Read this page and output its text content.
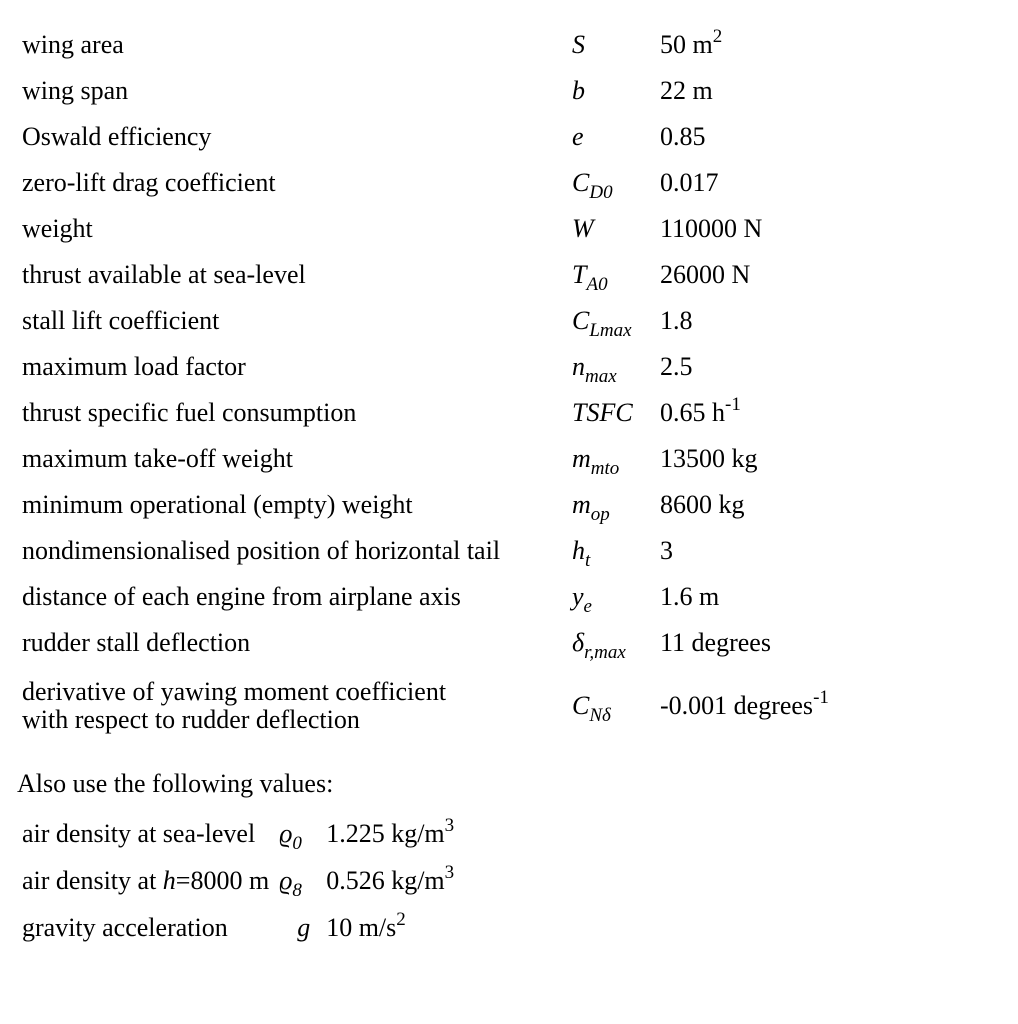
wing area	S	50 $m^2$
wing span	b	22 m
Oswald efficiency	e	0.85
zero-lift drag coefficient	$C_{D0}$	0.017
weight	W	110000 N
thrust available at sea-level	$T_{A0}$	26000 N
stall lift coefficient	$C_{Lmax}$	1.8
maximum load factor	$n_{max}$	2.5
thrust specific fuel consumption	TSFC	0.65 $h^{-1}$
maximum take-off weight	$m_{mto}$	13500 kg
minimum operational (empty) weight	$m_{op}$	8600 kg
nondimensionalised position of horizontal tail	$h_t$	3
distance of each engine from airplane axis	$y_e$	1.6 m
rudder stall deflection	$\delta_{r,max}$	11 degrees

derivative of yawing moment coefficient
with respect to rudder deflection	$C_{N\delta}$	-0.001 degrees$^{-1}$
Also use the following values:
air density at sea-level	$ϱ_0$	1.225 $kg/m^3$
air density at h=8000 m	$ϱ_8$	0.526 $kg/m^3$
gravity acceleration	g	10 $m/s^2$
